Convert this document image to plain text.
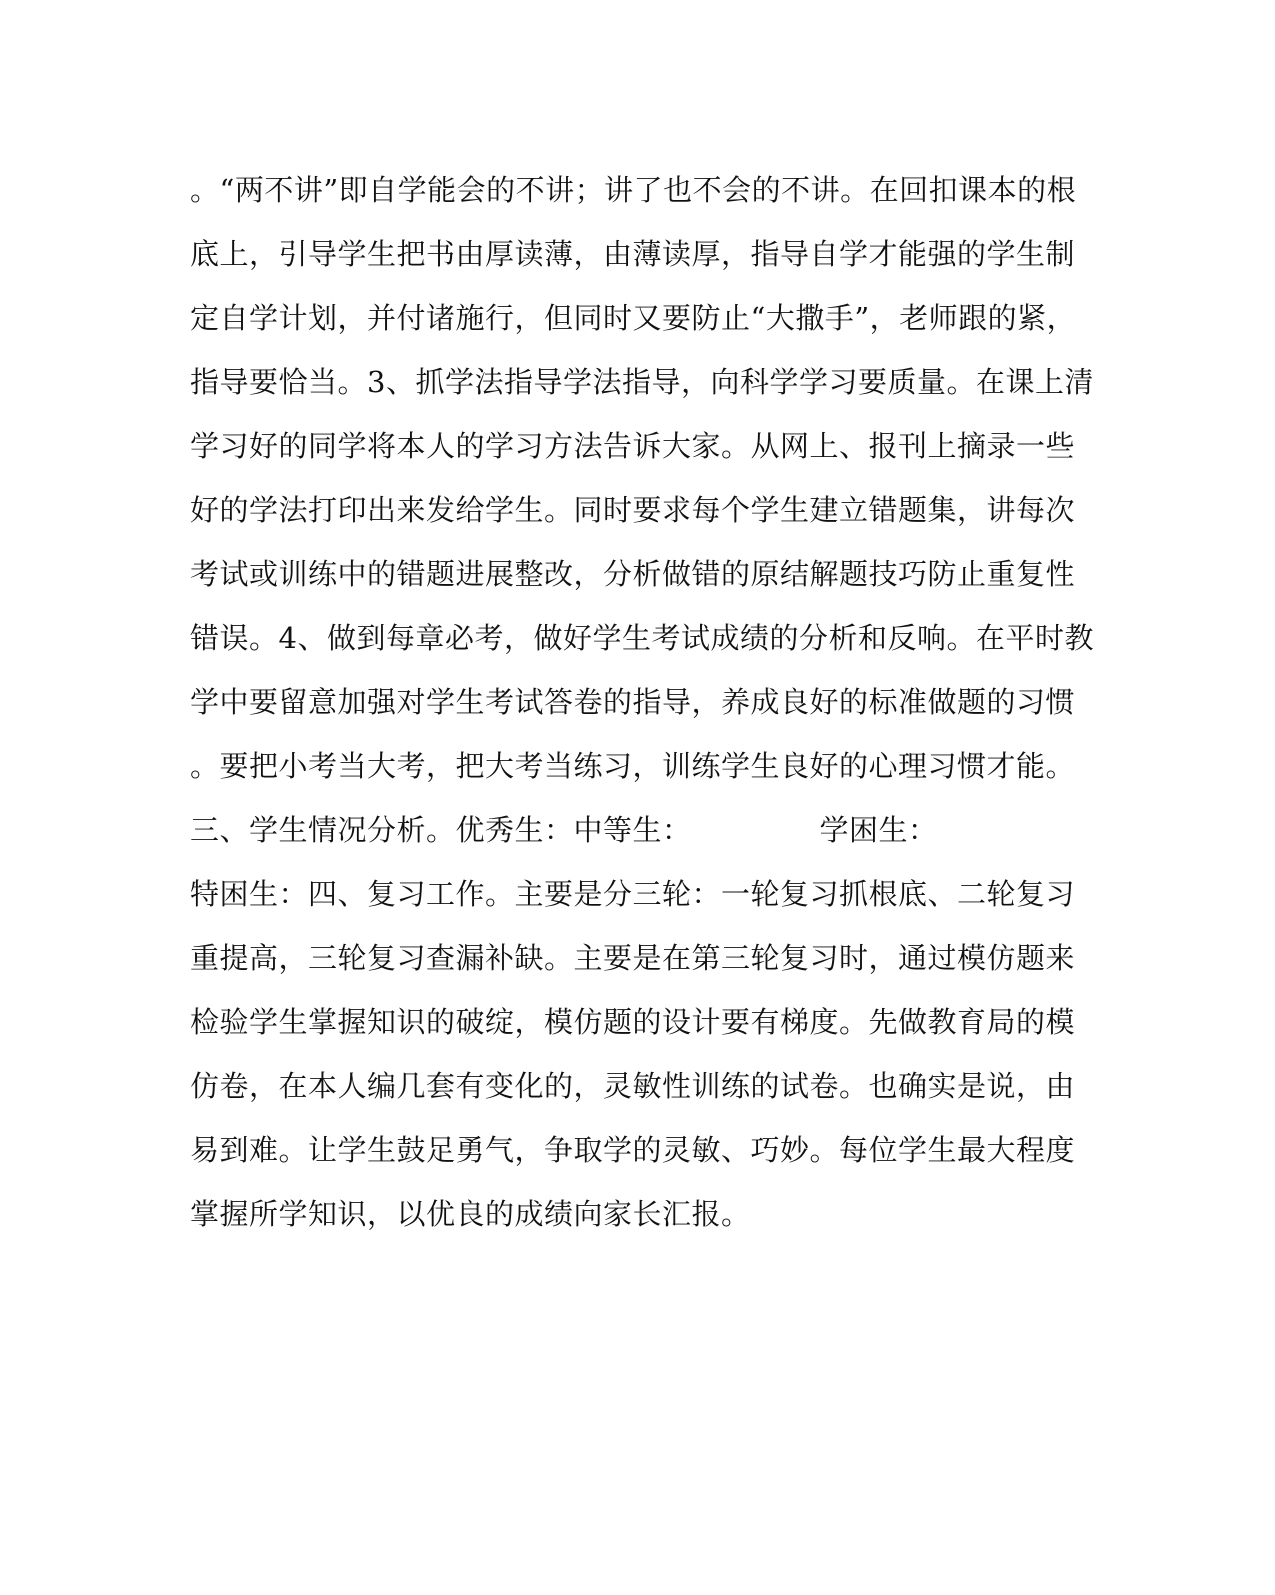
。“两不讲”即自学能会的不讲；讲了也不会的不讲。在回扣课本的根
底上，引导学生把书由厚读薄，由薄读厚，指导自学才能强的学生制
定自学计划，并付诸施行，但同时又要防止“大撒手”，老师跟的紧，
指导要恰当。3、抓学法指导学法指导，向科学学习要质量。在课上清
学习好的同学将本人的学习方法告诉大家。从网上、报刊上摘录一些
好的学法打印出来发给学生。同时要求每个学生建立错题集，讲每次
考试或训练中的错题进展整改，分析做错的原结解题技巧防止重复性
错误。4、做到每章必考，做好学生考试成绩的分析和反响。在平时教
学中要留意加强对学生考试答卷的指导，养成良好的标准做题的习惯
。要把小考当大考，把大考当练习，训练学生良好的心理习惯才能。
三、学生情况分析。优秀生：中等生：	学困生：
特困生：四、复习工作。主要是分三轮：一轮复习抓根底、二轮复习
重提高，三轮复习查漏补缺。主要是在第三轮复习时，通过模仿题来
检验学生掌握知识的破绽，模仿题的设计要有梯度。先做教育局的模
仿卷，在本人编几套有变化的，灵敏性训练的试卷。也确实是说，由
易到难。让学生鼓足勇气，争取学的灵敏、巧妙。每位学生最大程度
掌握所学知识，以优良的成绩向家长汇报。
